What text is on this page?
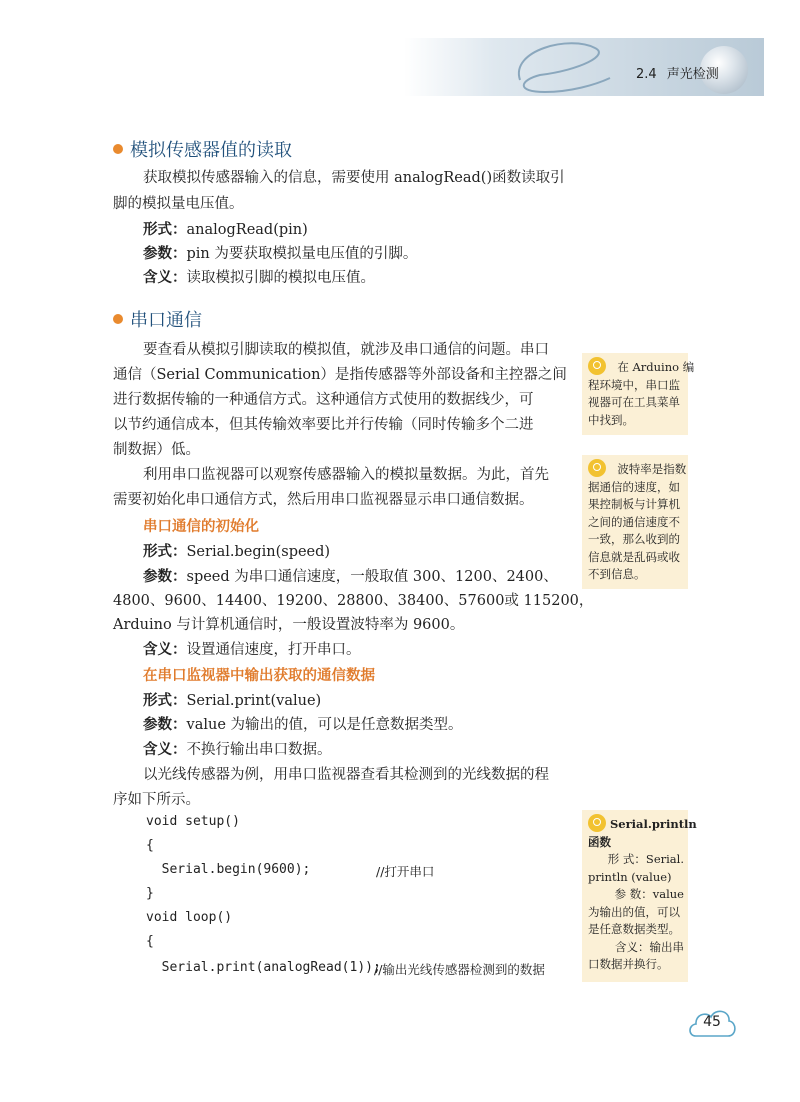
2.4 声光检测
模拟传感器值的读取
获取模拟传感器输入的信息，需要使用 analogRead()函数读取引
脚的模拟量电压值。
形式：analogRead(pin)
参数：pin 为要获取模拟量电压值的引脚。
含义：读取模拟引脚的模拟电压值。
串口通信
要查看从模拟引脚读取的模拟值，就涉及串口通信的问题。串口
通信（Serial Communication）是指传感器等外部设备和主控器之间
进行数据传输的一种通信方式。这种通信方式使用的数据线少，可
以节约通信成本，但其传输效率要比并行传输（同时传输多个二进
制数据）低。
利用串口监视器可以观察传感器输入的模拟量数据。为此，首先
需要初始化串口通信方式，然后用串口监视器显示串口通信数据。
串口通信的初始化
形式：Serial.begin(speed)
参数：speed 为串口通信速度，一般取值 300、1200、2400、
4800、9600、14400、19200、28800、38400、57600或 115200，
Arduino 与计算机通信时，一般设置波特率为 9600。
含义：设置通信速度，打开串口。
在串口监视器中输出获取的通信数据
形式：Serial.print(value)
参数：value 为输出的值，可以是任意数据类型。
含义：不换行输出串口数据。
以光线传感器为例，用串口监视器查看其检测到的光线数据的程
序如下所示。
void setup()
{
Serial.begin(9600);	//打开串口
}
void loop()
{
Serial.print(analogRead(1));
//输出光线传感器检测到的数据
在 Arduino 编
程环境中，串口监
视器可在工具菜单
中找到。
波特率是指数
据通信的速度，如
果控制板与计算机
之间的通信速度不
一致，那么收到的
信息就是乱码或收
不到信息。
Serial.println
函数
形 式：Serial.
println (value)
参 数：value
为输出的值，可以
是任意数据类型。
含义：输出串
口数据并换行。
45
